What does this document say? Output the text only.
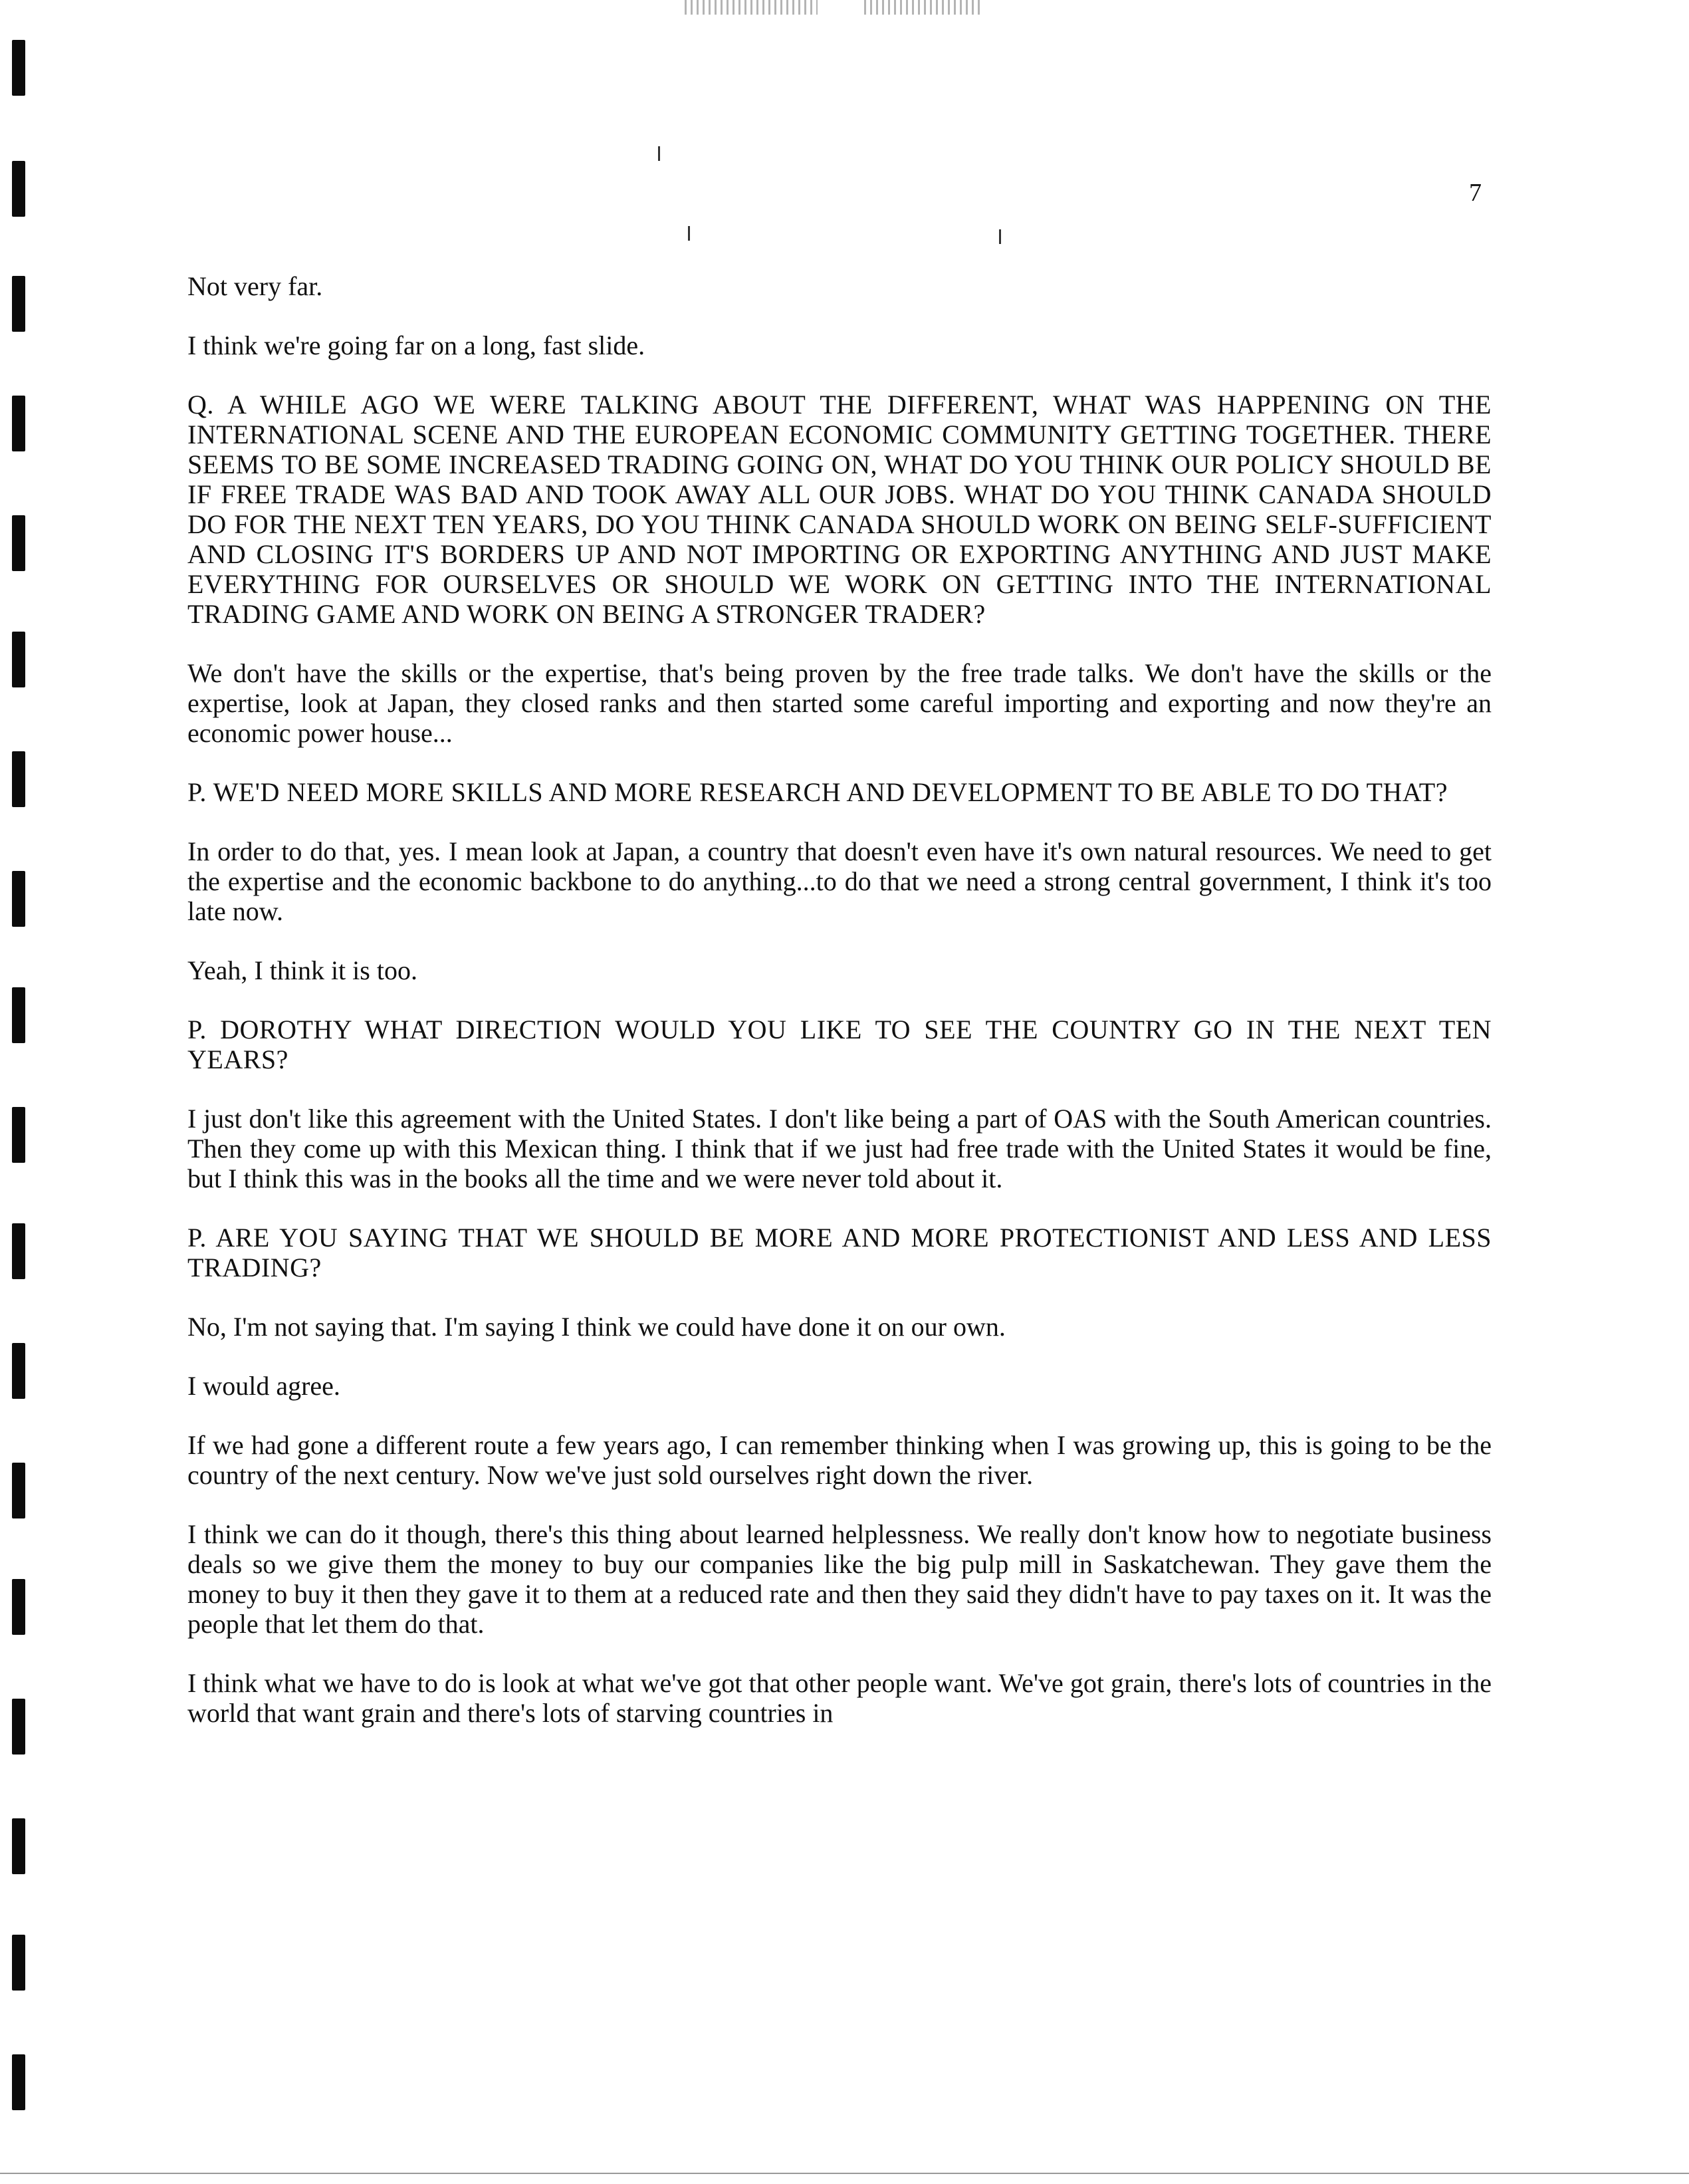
7

Not very far.

I think we're going far on a long, fast slide.

Q. A WHILE AGO WE WERE TALKING ABOUT THE DIFFERENT, WHAT WAS HAPPENING ON THE INTERNATIONAL SCENE AND THE EUROPEAN ECONOMIC COMMUNITY GETTING TOGETHER. THERE SEEMS TO BE SOME INCREASED TRADING GOING ON, WHAT DO YOU THINK OUR POLICY SHOULD BE IF FREE TRADE WAS BAD AND TOOK AWAY ALL OUR JOBS. WHAT DO YOU THINK CANADA SHOULD DO FOR THE NEXT TEN YEARS, DO YOU THINK CANADA SHOULD WORK ON BEING SELF-SUFFICIENT AND CLOSING IT'S BORDERS UP AND NOT IMPORTING OR EXPORTING ANYTHING AND JUST MAKE EVERYTHING FOR OURSELVES OR SHOULD WE WORK ON GETTING INTO THE INTERNATIONAL TRADING GAME AND WORK ON BEING A STRONGER TRADER?

We don't have the skills or the expertise, that's being proven by the free trade talks. We don't have the skills or the expertise, look at Japan, they closed ranks and then started some careful importing and exporting and now they're an economic power house...

P. WE'D NEED MORE SKILLS AND MORE RESEARCH AND DEVELOPMENT TO BE ABLE TO DO THAT?

In order to do that, yes. I mean look at Japan, a country that doesn't even have it's own natural resources. We need to get the expertise and the economic backbone to do anything...to do that we need a strong central government, I think it's too late now.

Yeah, I think it is too.

P. DOROTHY WHAT DIRECTION WOULD YOU LIKE TO SEE THE COUNTRY GO IN THE NEXT TEN YEARS?

I just don't like this agreement with the United States. I don't like being a part of OAS with the South American countries. Then they come up with this Mexican thing. I think that if we just had free trade with the United States it would be fine, but I think this was in the books all the time and we were never told about it.

P. ARE YOU SAYING THAT WE SHOULD BE MORE AND MORE PROTECTIONIST AND LESS AND LESS TRADING?

No, I'm not saying that. I'm saying I think we could have done it on our own.

I would agree.

If we had gone a different route a few years ago, I can remember thinking when I was growing up, this is going to be the country of the next century. Now we've just sold ourselves right down the river.

I think we can do it though, there's this thing about learned helplessness. We really don't know how to negotiate business deals so we give them the money to buy our companies like the big pulp mill in Saskatchewan. They gave them the money to buy it then they gave it to them at a reduced rate and then they said they didn't have to pay taxes on it. It was the people that let them do that.

I think what we have to do is look at what we've got that other people want. We've got grain, there's lots of countries in the world that want grain and there's lots of starving countries in
